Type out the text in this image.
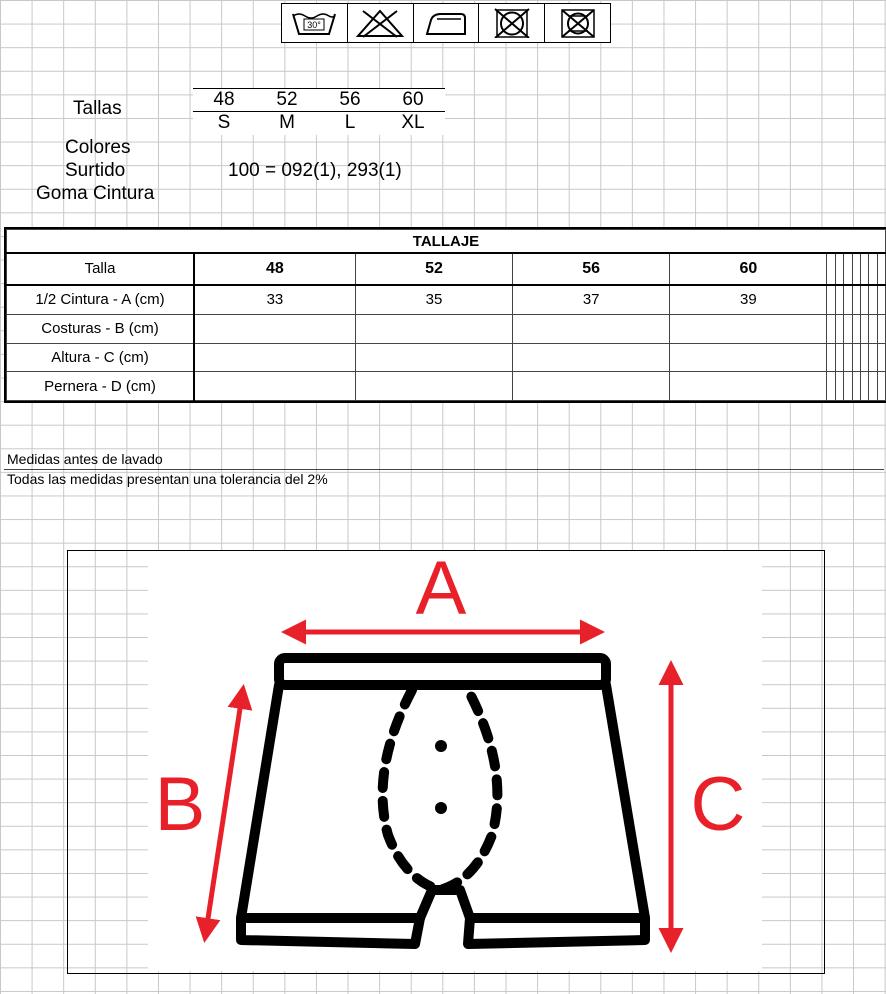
30°
Tallas	48	52	56	60
S	M	L	XL
Colores
Surtido	100 = 092(1), 293(1)
Goma Cintura
TALLAJE											
Talla	48	52	56	60							
1/2 Cintura - A (cm)	33	35	37	39							
Costuras - B (cm)											
Altura - C (cm)											
Pernera - D (cm)											
Medidas antes de lavado
Todas las medidas presentan una tolerancia del 2%
A
B	C
